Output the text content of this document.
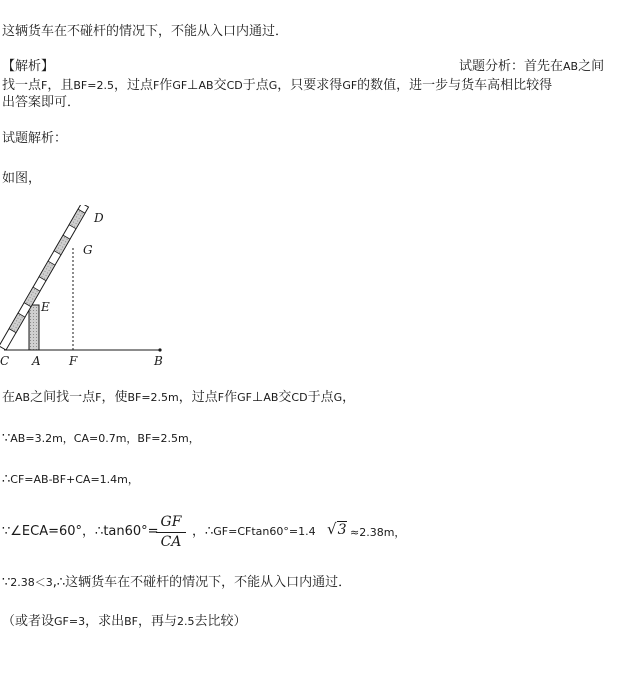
这辆货车在不碰杆的情况下，不能从入口内通过．
【解析】	试题分析：首先在AB之间
找一点F，且BF=2.5，过点F作GF⊥AB交CD于点G，只要求得GF的数值，进一步与货车高相比较得
出答案即可．
试题解析：
如图，
D
G
E
C A F	B
在AB之间找一点F，使BF=2.5m，过点F作GF⊥AB交CD于点G，
∵AB=3.2m，CA=0.7m，BF=2.5m，
∴CF=AB-BF+CA=1.4m，
∵∠ECA=60°，∴tan60°=
GF
CA
，∴GF=CFtan60°=1.4 √3 ≈2.38m，
∵2.38＜3,∴这辆货车在不碰杆的情况下，不能从入口内通过．
（或者设GF=3，求出BF，再与2.5去比较）
